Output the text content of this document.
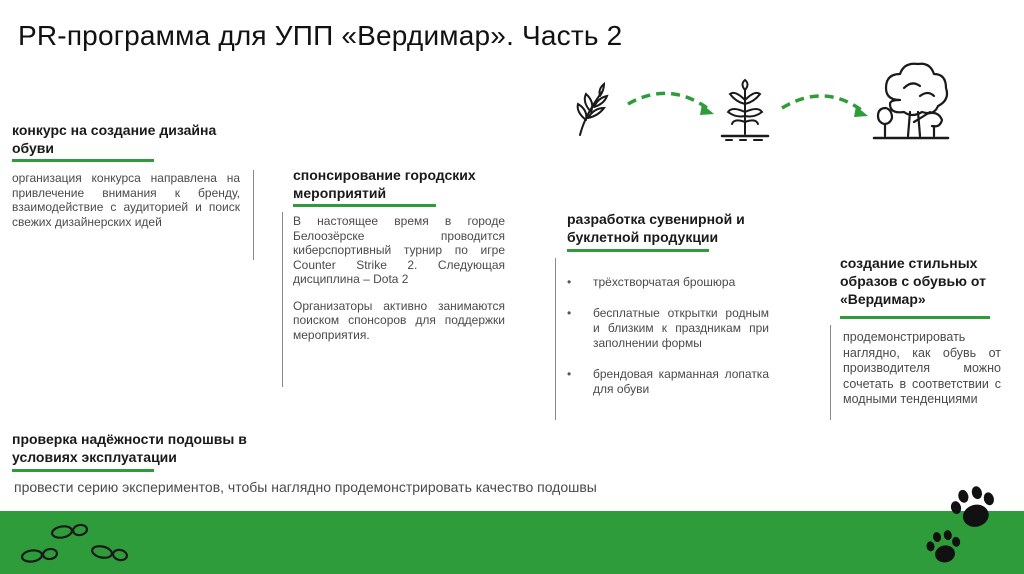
PR-программа для УПП «Вердимар». Часть 2
конкурс на создание дизайна обуви
организация конкурса направлена на привлечение внимания к бренду, взаимодействие с аудиторией и поиск свежих дизайнерских идей
спонсирование городских мероприятий

В настоящее время в городе Белоозёрске проводится киберспортивный турнир по игре Counter Strike 2. Следующая дисциплина – Dota 2

Организаторы активно занимаются поиском спонсоров для поддержки мероприятия.

разработка сувенирной и буклетной продукции
• трёхстворчатая брошюра
• бесплатные открытки родным и близким к праздникам при заполнении формы
• брендовая карманная лопатка для обуви
создание стильных образов с обувью от «Вердимар»
продемонстрировать наглядно, как обувь от производителя можно сочетать в соответствии с модными тенденциями
проверка надёжности подошвы в условиях эксплуатации
провести серию экспериментов, чтобы наглядно продемонстрировать качество подошвы
